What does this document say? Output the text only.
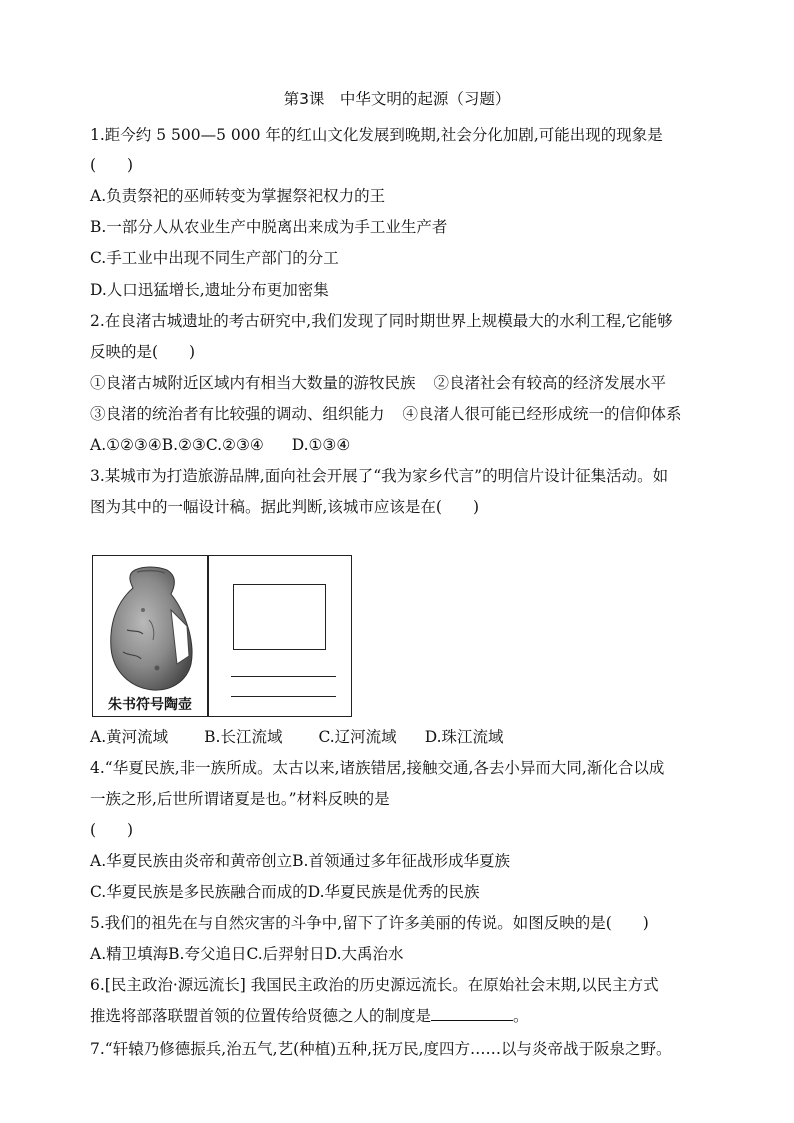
第3课　中华文明的起源（习题）
1.距今约 5 500—5 000 年的红山文化发展到晚期,社会分化加剧,可能出现的现象是
(　　)
A.负责祭祀的巫师转变为掌握祭祀权力的王
B.一部分人从农业生产中脱离出来成为手工业生产者
C.手工业中出现不同生产部门的分工
D.人口迅猛增长,遗址分布更加密集
2.在良渚古城遗址的考古研究中,我们发现了同时期世界上规模最大的水利工程,它能够
反映的是(　　)
①良渚古城附近区域内有相当大数量的游牧民族 ②良渚社会有较高的经济发展水平
③良渚的统治者有比较强的调动、组织能力 ④良渚人很可能已经形成统一的信仰体系
A.①②③④B.②③C.②③④ D.①③④
3.某城市为打造旅游品牌,面向社会开展了“我为家乡代言”的明信片设计征集活动。如
图为其中的一幅设计稿。据此判断,该城市应该是在(　　)
朱书符号陶壶
A.黄河流域 B.长江流域 C.辽河流域 D.珠江流域
4.“华夏民族,非一族所成。太古以来,诸族错居,接触交通,各去小异而大同,渐化合以成
一族之形,后世所谓诸夏是也。”材料反映的是
(　　)
A.华夏民族由炎帝和黄帝创立B.首领通过多年征战形成华夏族
C.华夏民族是多民族融合而成的D.华夏民族是优秀的民族
5.我们的祖先在与自然灾害的斗争中,留下了许多美丽的传说。如图反映的是(　　)
A.精卫填海B.夸父追日C.后羿射日D.大禹治水
6.[民主政治·源远流长] 我国民主政治的历史源远流长。在原始社会末期,以民主方式
推选将部落联盟首领的位置传给贤德之人的制度是	。
7.“轩辕乃修德振兵,治五气,艺(种植)五种,抚万民,度四方……以与炎帝战于阪泉之野。
